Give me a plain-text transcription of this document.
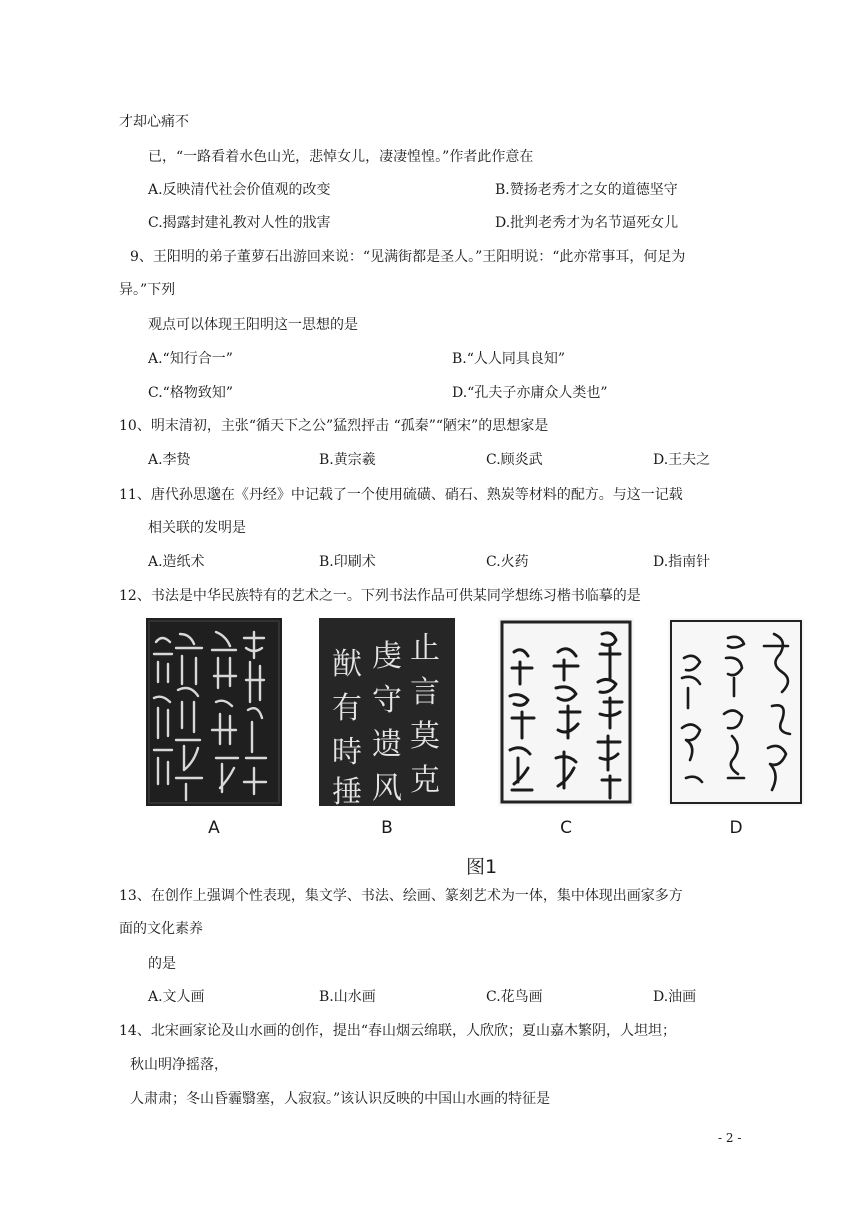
才却心痛不
已，“一路看着水色山光，悲悼女儿，凄凄惶惶。”作者此作意在
A.反映清代社会价值观的改变	B.赞扬老秀才之女的道德坚守
C.揭露封建礼教对人性的戕害	D.批判老秀才为名节逼死女儿
9、王阳明的弟子董萝石出游回来说：“见满街都是圣人。”王阳明说：“此亦常事耳，何足为
异。”下列
观点可以体现王阳明这一思想的是
A.“知行合一”	B.“人人同具良知”
C.“格物致知”	D.“孔夫子亦庸众人类也”
10、明末清初，主张“循天下之公”猛烈抨击 “孤秦”“陋宋”的思想家是
A.李贽	B.黄宗羲	C.顾炎武	D.王夫之
11、唐代孙思邈在《丹经》中记载了一个使用硫磺、硝石、熟炭等材料的配方。与这一记载
相关联的发明是
A.造纸术	B.印刷术	C.火药	D.指南针
12、书法是中华民族特有的艺术之一。下列书法作品可供某同学想练习楷书临摹的是
止
言
莫
克
虔
守
遗
风
猷
有
時
捶
A	B	C	D
图1
13、在创作上强调个性表现，集文学、书法、绘画、篆刻艺术为一体，集中体现出画家多方
面的文化素养
的是
A.文人画	B.山水画	C.花鸟画	D.油画
14、北宋画家论及山水画的创作，提出“春山烟云绵联，人欣欣；夏山嘉木繁阴，人坦坦；
秋山明净摇落，
人肃肃；冬山昏霾翳塞，人寂寂。”该认识反映的中国山水画的特征是
- 2 -
